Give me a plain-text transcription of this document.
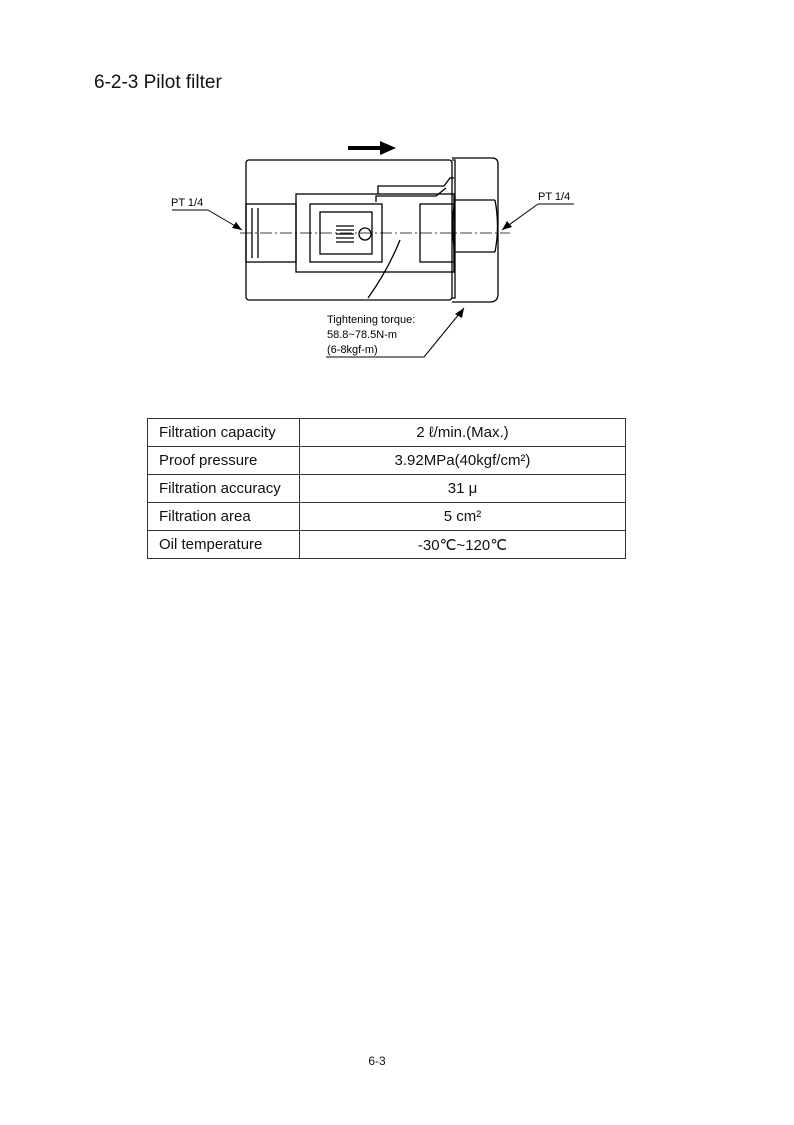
6-2-3 Pilot filter
PT 1/4	PT 1/4
Tightening torque:
58.8~78.5N-m
(6-8kgf-m)
Filtration capacity	2 ℓ/min.(Max.)
Proof pressure	3.92MPa(40kgf/cm²)
Filtration accuracy	31 μ
Filtration area	5 cm²
Oil temperature	-30℃~120℃
6-3
